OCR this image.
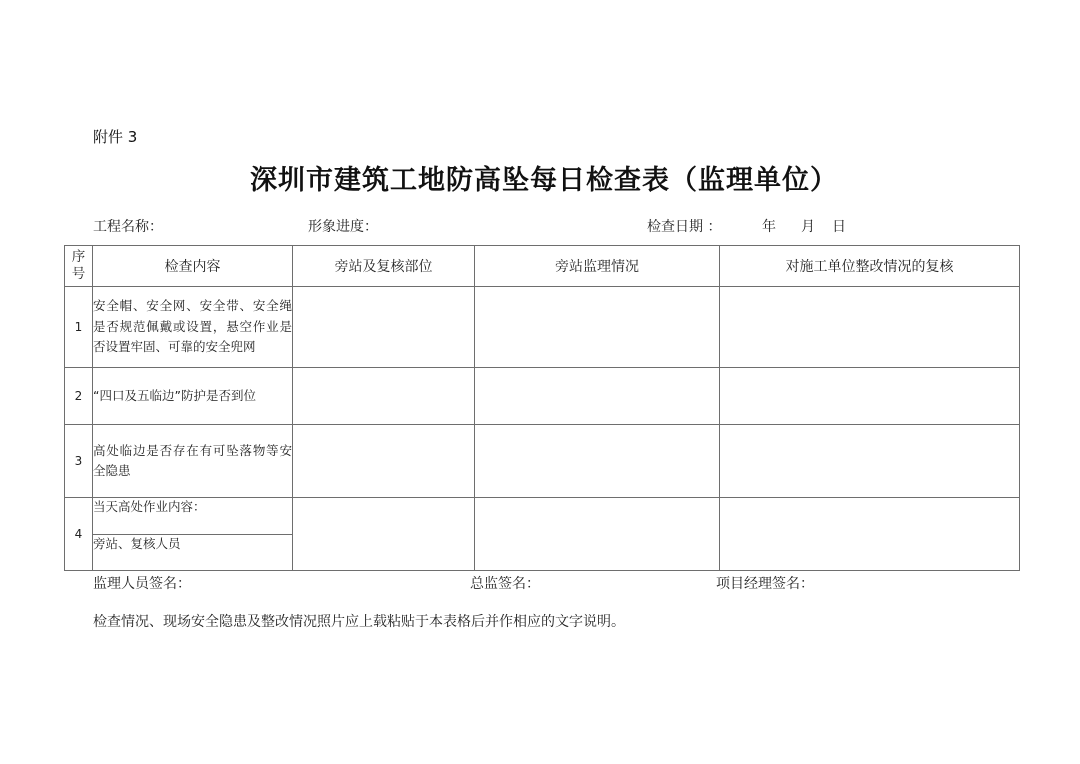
附件 3
深圳市建筑工地防高坠每日检查表（监理单位）
工程名称：	形象进度：	检查日期 ：	年 月 日
序号	检查内容	旁站及复核部位	旁站监理情况	对施工单位整改情况的复核
1	安全帽、安全网、安全带、安全绳是否规范佩戴或设置，悬空作业是否设置牢固、可靠的安全兜网			
2	“四口及五临边”防护是否到位			
3	高处临边是否存在有可坠落物等安全隐患			
4	当天高处作业内容：			
	旁站、复核人员			
监理人员签名：	总监签名：	项目经理签名：
检查情况、现场安全隐患及整改情况照片应上载粘贴于本表格后并作相应的文字说明。
